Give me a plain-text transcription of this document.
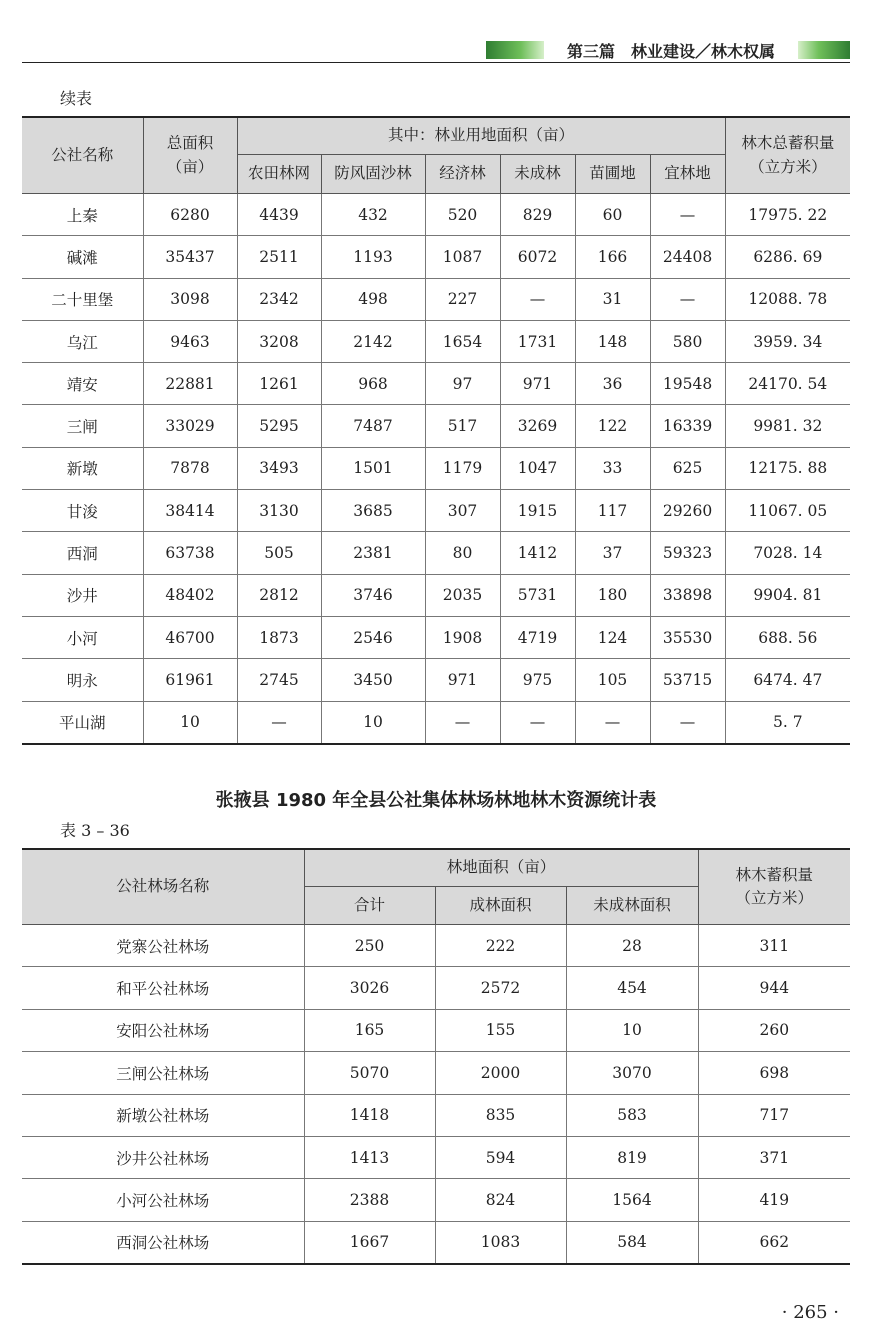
第三篇　林业建设／林木权属
续表
公社名称	总面积（亩）	其中：林业用地面积（亩）						林木总蓄积量（立方米）
		农田林网	防风固沙林	经济林	未成林	苗圃地	宜林地	
上秦	6280	4439	432	520	829	60	—	17975. 22
碱滩	35437	2511	1193	1087	6072	166	24408	6286. 69
二十里堡	3098	2342	498	227	—	31	—	12088. 78
乌江	9463	3208	2142	1654	1731	148	580	3959. 34
靖安	22881	1261	968	97	971	36	19548	24170. 54
三闸	33029	5295	7487	517	3269	122	16339	9981. 32
新墩	7878	3493	1501	1179	1047	33	625	12175. 88
甘浚	38414	3130	3685	307	1915	117	29260	11067. 05
西洞	63738	505	2381	80	1412	37	59323	7028. 14
沙井	48402	2812	3746	2035	5731	180	33898	9904. 81
小河	46700	1873	2546	1908	4719	124	35530	688. 56
明永	61961	2745	3450	971	975	105	53715	6474. 47
平山湖	10	—	10	—	—	—	—	5. 7
张掖县 1980 年全县公社集体林场林地林木资源统计表
表 3 – 36
公社林场名称	林地面积（亩）			林木蓄积量（立方米）
	合计	成林面积	未成林面积	
党寨公社林场	250	222	28	311
和平公社林场	3026	2572	454	944
安阳公社林场	165	155	10	260
三闸公社林场	5070	2000	3070	698
新墩公社林场	1418	835	583	717
沙井公社林场	1413	594	819	371
小河公社林场	2388	824	1564	419
西洞公社林场	1667	1083	584	662
· 265 ·
